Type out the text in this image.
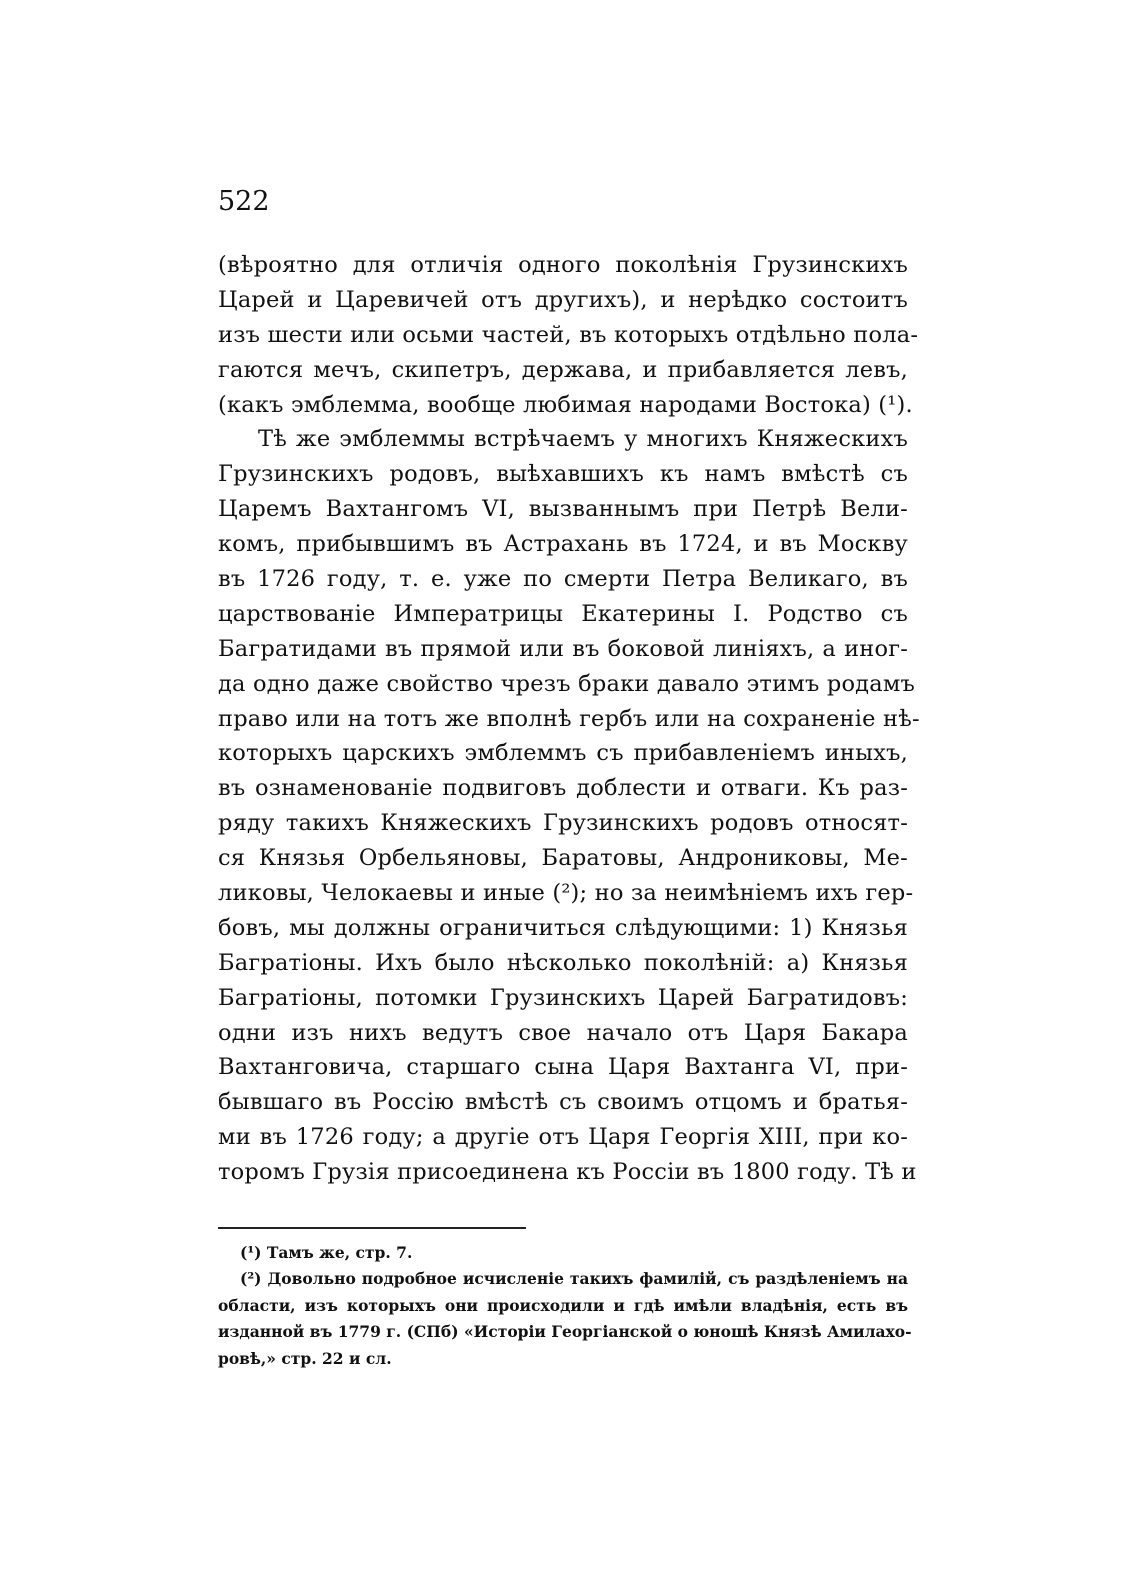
522
(вѣроятно для отличія одного поколѣнія Грузинскихъ
Царей и Царевичей отъ другихъ), и нерѣдко состоитъ
изъ шести или осьми частей, въ которыхъ отдѣльно пола-
гаются мечъ, скипетръ, держава, и прибавляется левъ,
(какъ эмблемма, вообще любимая народами Востока) (¹).
Тѣ же эмблеммы встрѣчаемъ у многихъ Княжескихъ
Грузинскихъ родовъ, выѣхавшихъ къ намъ вмѣстѣ съ
Царемъ Вахтангомъ VI, вызваннымъ при Петрѣ Вели-
комъ, прибывшимъ въ Астрахань въ 1724, и въ Москву
въ 1726 году, т. е. уже по смерти Петра Великаго, въ
царствованіе Императрицы Екатерины I. Родство съ
Багратидами въ прямой или въ боковой линіяхъ, а иног-
да одно даже свойство чрезъ браки давало этимъ родамъ
право или на тотъ же вполнѣ гербъ или на сохраненіе нѣ-
которыхъ царскихъ эмблеммъ съ прибавленіемъ иныхъ,
въ ознаменованіе подвиговъ доблести и отваги. Къ раз-
ряду такихъ Княжескихъ Грузинскихъ родовъ относят-
ся Князья Орбельяновы, Баратовы, Андрониковы, Ме-
ликовы, Челокаевы и иные (²); но за неимѣніемъ ихъ гер-
бовъ, мы должны ограничиться слѣдующими: 1) Князья
Багратіоны. Ихъ было нѣсколько поколѣній: а) Князья
Багратіоны, потомки Грузинскихъ Царей Багратидовъ:
одни изъ нихъ ведутъ свое начало отъ Царя Бакара
Вахтанговича, старшаго сына Царя Вахтанга VI, при-
бывшаго въ Россію вмѣстѣ съ своимъ отцомъ и братья-
ми въ 1726 году; а другіе отъ Царя Георгія XIII, при ко-
торомъ Грузія присоединена къ Россіи въ 1800 году. Тѣ и
(¹) Тамъ же, стр. 7.
(²) Довольно подробное исчисленіе такихъ фамилій, съ раздѣленіемъ на
области, изъ которыхъ они происходили и гдѣ имѣли владѣнія, есть въ
изданной въ 1779 г. (СПб) «Исторіи Георгіанской о юношѣ Князѣ Амилахо-
ровѣ,» стр. 22 и сл.
